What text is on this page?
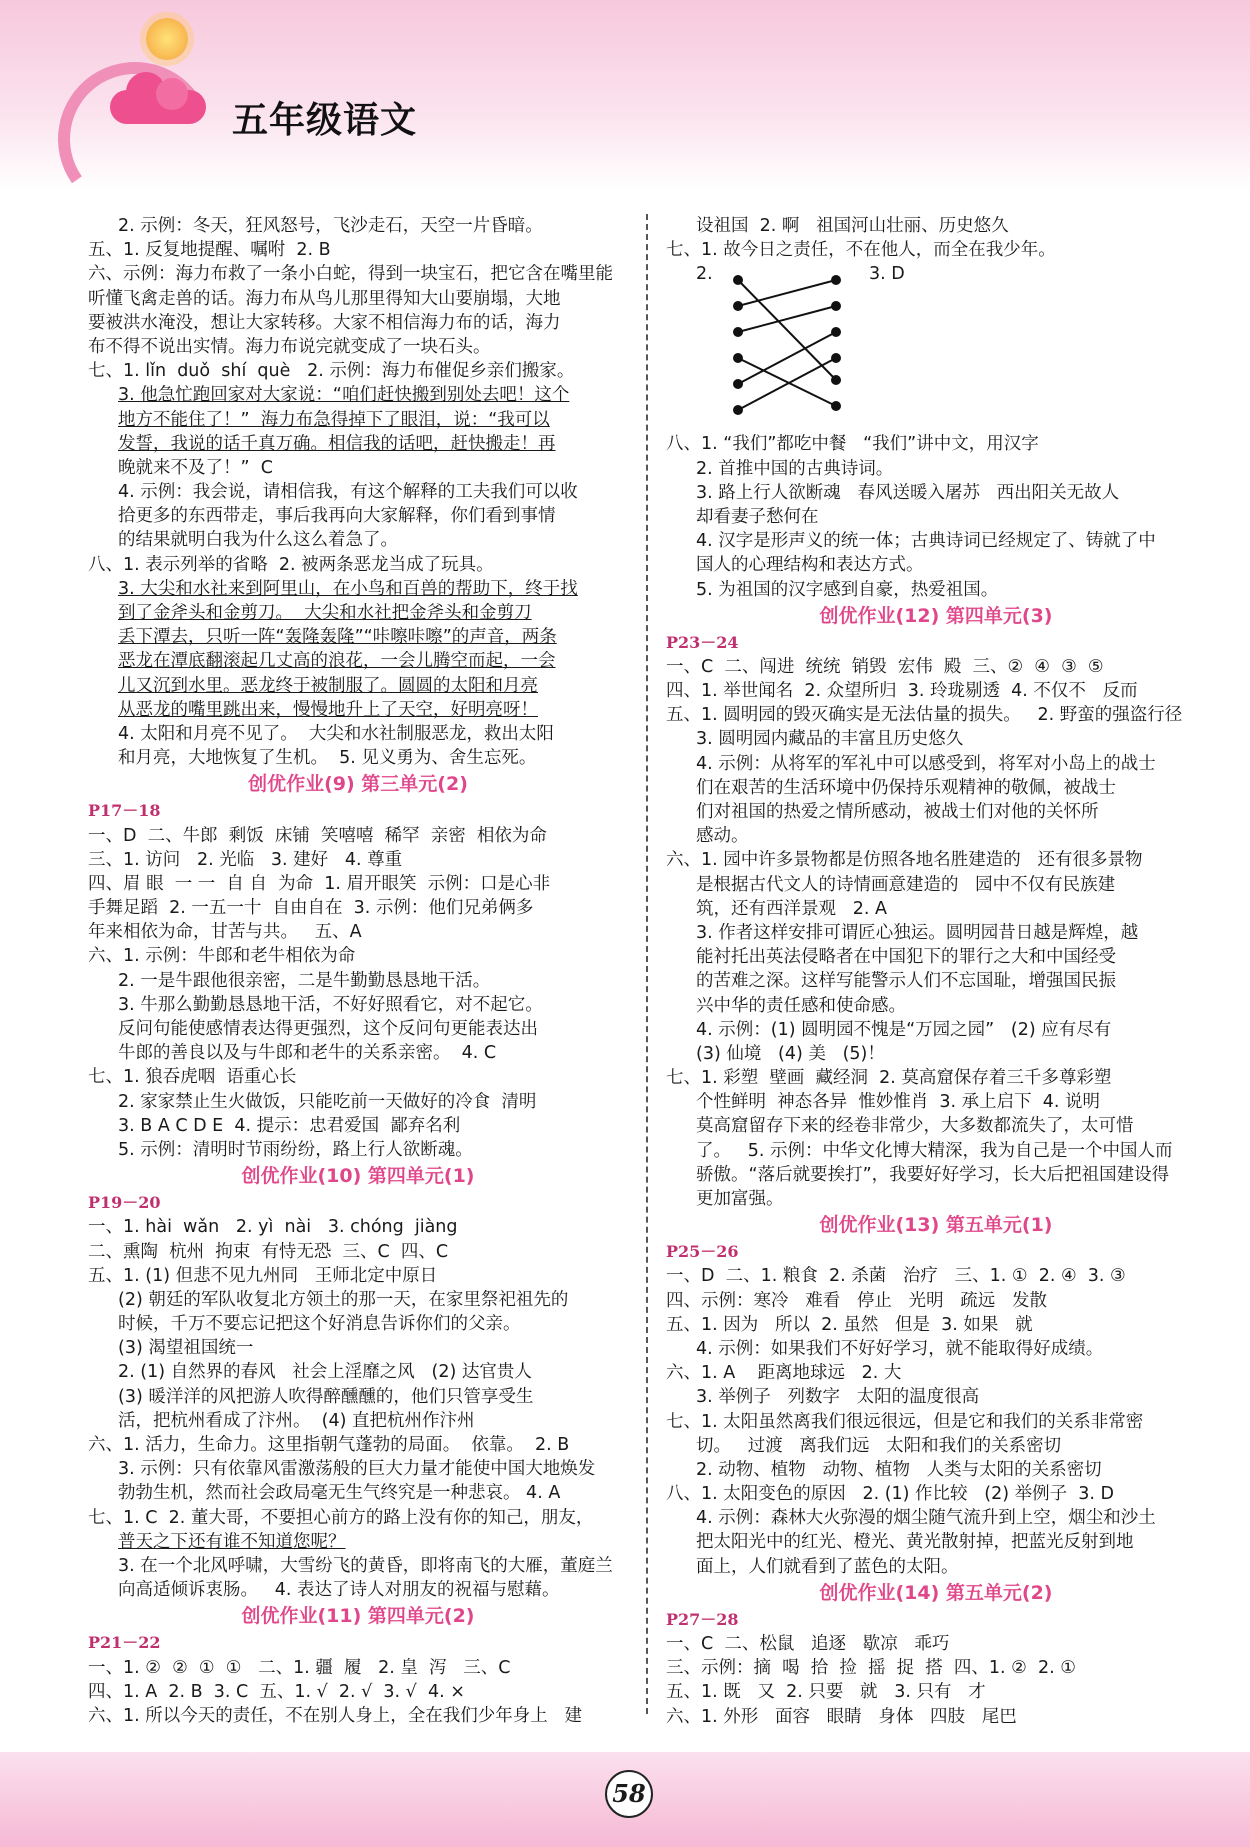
五年级语文
2. 示例：冬天，狂风怒号，飞沙走石，天空一片昏暗。
五、1. 反复地提醒、嘱咐  2. B
六、示例：海力布救了一条小白蛇，得到一块宝石，把它含在嘴里能
听懂飞禽走兽的话。海力布从鸟儿那里得知大山要崩塌，大地
要被洪水淹没，想让大家转移。大家不相信海力布的话，海力
布不得不说出实情。海力布说完就变成了一块石头。
七、1. lǐn  duǒ  shí  què   2. 示例：海力布催促乡亲们搬家。
3. 他急忙跑回家对大家说：“咱们赶快搬到别处去吧！这个
地方不能住了！”  海力布急得掉下了眼泪，说：“我可以
发誓，我说的话千真万确。相信我的话吧，赶快搬走！再
晚就来不及了！”  C
4. 示例：我会说，请相信我，有这个解释的工夫我们可以收
拾更多的东西带走，事后我再向大家解释，你们看到事情
的结果就明白我为什么这么着急了。
八、1. 表示列举的省略  2. 被两条恶龙当成了玩具。
3. 大尖和水社来到阿里山，在小鸟和百兽的帮助下，终于找
到了金斧头和金剪刀。  大尖和水社把金斧头和金剪刀
丢下潭去，只听一阵“轰隆轰隆”“咔嚓咔嚓”的声音，两条
恶龙在潭底翻滚起几丈高的浪花，一会儿腾空而起，一会
儿又沉到水里。恶龙终于被制服了。圆圆的太阳和月亮
从恶龙的嘴里跳出来，慢慢地升上了天空，好明亮呀！
4. 太阳和月亮不见了。  大尖和水社制服恶龙，救出太阳
和月亮，大地恢复了生机。  5. 见义勇为、舍生忘死。
创优作业(9) 第三单元(2)
P17－18
一、D  二、牛郎  剩饭  床铺  笑嘻嘻  稀罕  亲密  相依为命
三、1. 访问   2. 光临   3. 建好   4. 尊重
四、眉 眼  一 一  自 自  为命  1. 眉开眼笑  示例：口是心非
手舞足蹈  2. 一五一十  自由自在  3. 示例：他们兄弟俩多
年来相依为命，甘苦与共。   五、A
六、1. 示例：牛郎和老牛相依为命
2. 一是牛跟他很亲密，二是牛勤勤恳恳地干活。
3. 牛那么勤勤恳恳地干活，不好好照看它，对不起它。
反问句能使感情表达得更强烈，这个反问句更能表达出
牛郎的善良以及与牛郎和老牛的关系亲密。  4. C
七、1. 狼吞虎咽  语重心长
2. 家家禁止生火做饭，只能吃前一天做好的冷食  清明
3. B A C D E  4. 提示：忠君爱国  鄙弃名利
5. 示例：清明时节雨纷纷，路上行人欲断魂。
创优作业(10) 第四单元(1)
P19－20
一、1. hài  wǎn   2. yì  nài   3. chóng  jiàng
二、熏陶  杭州  拘束  有恃无恐  三、C  四、C
五、1. (1) 但悲不见九州同   王师北定中原日
(2) 朝廷的军队收复北方领土的那一天，在家里祭祀祖先的
时候，千万不要忘记把这个好消息告诉你们的父亲。
(3) 渴望祖国统一
2. (1) 自然界的春风   社会上淫靡之风   (2) 达官贵人
(3) 暖洋洋的风把游人吹得醉醺醺的，他们只管享受生
活，把杭州看成了汴州。  (4) 直把杭州作汴州
六、1. 活力，生命力。这里指朝气蓬勃的局面。  依靠。  2. B
3. 示例：只有依靠风雷激荡般的巨大力量才能使中国大地焕发
勃勃生机，然而社会政局毫无生气终究是一种悲哀。 4. A
七、1. C  2. 董大哥，不要担心前方的路上没有你的知己，朋友，
普天之下还有谁不知道您呢？
3. 在一个北风呼啸，大雪纷飞的黄昏，即将南飞的大雁，董庭兰
向高适倾诉衷肠。   4. 表达了诗人对朋友的祝福与慰藉。
创优作业(11) 第四单元(2)
P21－22
一、1. ②  ②  ①  ①   二、1. 疆  履   2. 皇  泻   三、C
四、1. A  2. B  3. C  五、1. √  2. √  3. √  4. ×
六、1. 所以今天的责任，不在别人身上，全在我们少年身上   建
设祖国  2. 啊   祖国河山壮丽、历史悠久
七、1. 故今日之责任，不在他人，而全在我少年。
2.	3. D
八、1. “我们”都吃中餐   “我们”讲中文，用汉字
2. 首推中国的古典诗词。
3. 路上行人欲断魂   春风送暖入屠苏   西出阳关无故人
却看妻子愁何在
4. 汉字是形声义的统一体；古典诗词已经规定了、铸就了中
国人的心理结构和表达方式。
5. 为祖国的汉字感到自豪，热爱祖国。
创优作业(12) 第四单元(3)
P23－24
一、C  二、闯进  统统  销毁  宏伟  殿  三、②  ④  ③  ⑤
四、1. 举世闻名  2. 众望所归  3. 玲珑剔透  4. 不仅不   反而
五、1. 圆明园的毁灭确实是无法估量的损失。   2. 野蛮的强盗行径
3. 圆明园内藏品的丰富且历史悠久
4. 示例：从将军的军礼中可以感受到，将军对小岛上的战士
们在艰苦的生活环境中仍保持乐观精神的敬佩，被战士
们对祖国的热爱之情所感动，被战士们对他的关怀所
感动。
六、1. 园中许多景物都是仿照各地名胜建造的   还有很多景物
是根据古代文人的诗情画意建造的   园中不仅有民族建
筑，还有西洋景观   2. A
3. 作者这样安排可谓匠心独运。圆明园昔日越是辉煌，越
能衬托出英法侵略者在中国犯下的罪行之大和中国经受
的苦难之深。这样写能警示人们不忘国耻，增强国民振
兴中华的责任感和使命感。
4. 示例：(1) 圆明园不愧是“万园之园”   (2) 应有尽有
(3) 仙境   (4) 美   (5)！
七、1. 彩塑  壁画  藏经洞  2. 莫高窟保存着三千多尊彩塑
个性鲜明  神态各异  惟妙惟肖  3. 承上启下  4. 说明
莫高窟留存下来的经卷非常少，大多数都流失了，太可惜
了。   5. 示例：中华文化博大精深，我为自己是一个中国人而
骄傲。“落后就要挨打”，我要好好学习，长大后把祖国建设得
更加富强。
创优作业(13) 第五单元(1)
P25－26
一、D  二、1. 粮食  2. 杀菌   治疗   三、1. ①  2. ④  3. ③
四、示例：寒冷   难看   停止   光明   疏远   发散
五、1. 因为   所以  2. 虽然   但是  3. 如果   就
4. 示例：如果我们不好好学习，就不能取得好成绩。
六、1. A    距离地球远   2. 大
3. 举例子   列数字   太阳的温度很高
七、1. 太阳虽然离我们很远很远，但是它和我们的关系非常密
切。   过渡   离我们远   太阳和我们的关系密切
2. 动物、植物   动物、植物   人类与太阳的关系密切
八、1. 太阳变色的原因   2. (1) 作比较   (2) 举例子  3. D
4. 示例：森林大火弥漫的烟尘随气流升到上空，烟尘和沙土
把太阳光中的红光、橙光、黄光散射掉，把蓝光反射到地
面上，人们就看到了蓝色的太阳。
创优作业(14) 第五单元(2)
P27－28
一、C  二、松鼠   追逐   歇凉   乖巧
三、示例：摘  喝  拾  捡  摇  捉  搭  四、1. ②  2. ①
五、1. 既   又  2. 只要   就   3. 只有   才
六、1. 外形   面容   眼睛   身体   四肢   尾巴
58
